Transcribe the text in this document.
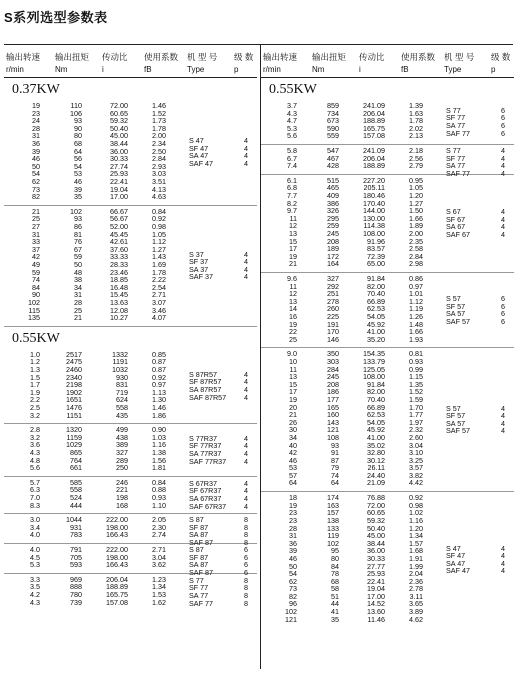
S系列选型参数表
输出转速 输出扭矩 传动比 使用系数 机 型 号 级 数
r/min	Nm	i	fB	Type	p
0.37KW
19	110	72.00	1.46
23	106	60.65	1.52
24	93	59.32	1.73
28	90	50.40	1.78
31	80	45.00	2.00
36	68	38.44	2.34
39	64	36.00	2.50
46	56	30.33	2.84
50	54	27.74	2.93
54	53	25.93	3.03
62	46	22.41	3.51
73	39	19.04	4.13
82	35	17.00	4.63
S 47	4
SF 47	4
SA 47	4
SAF 47	4
21	102	66.67	0.84
25	93	56.67	0.92
27	86	52.00	0.98
31	81	45.45	1.05
33	76	42.61	1.12
37	67	37.60	1.27
42	59	33.33	1.43
49	50	28.33	1.69
59	48	23.46	1.78
74	38	18.85	2.22
84	34	16.48	2.54
90	31	15.45	2.71
102	28	13.63	3.07
115	25	12.08	3.46
135	21	10.27	4.07
S 37	4
SF 37	4
SA 37	4
SAF 37	4
0.55KW
1.0	2517	1332	0.85
1.2	2475	1191	0.87
1.3	2460	1032	0.87
1.5	2340	930	0.92
1.7	2198	831	0.97
1.9	1902	719	1.13
2.2	1651	624	1.30
2.5	1476	558	1.46
3.2	1151	435	1.86
S 87R57	4
SF 87R57	4
SA 87R57	4
SAF 87R57 4
2.8	1320	499	0.90
3.2	1159	438	1.03
3.6	1029	389	1.16
4.3	865	327	1.38
4.8	764	289	1.56
5.6	661	250	1.81
S 77R37	4
SF 77R37	4
SA 77R37	4
SAF 77R37 4
5.7	585	246	0.84
6.3	558	221	0.88
7.0	524	198	0.93
8.3	444	168	1.10
S 67R37	4
SF 67R37	4
SA 67R37	4
SAF 67R37 4
3.0	1044	222.00	2.05
3.4	931	198.00	2.30
4.0	783	166.43	2.74
S 87	8
SF 87	8
SA 87	8
SAF 87	8
4.0	791	222.00	2.71
4.5	705	198.00	3.04
5.3	593	166.43	3.62
S 87	6
SF 87	6
SA 87	6
SAF 87	6
3.3	969	206.04	1.23
3.5	888	188.89	1.34
4.2	780	165.75	1.53
4.3	739	157.08	1.62
S 77	8
SF 77	8
SA 77	8
SAF 77	8
输出转速 输出扭矩 传动比 使用系数 机 型 号 级 数
r/min	Nm	i	fB	Type	p
0.55KW
3.7	859	241.09	1.39
4.3	734	206.04	1.63
4.7	673	188.89	1.78
5.3	590	165.75	2.02
5.6	559	157.08	2.13
S 77	6
SF 77	6
SA 77	6
SAF 77	6
5.8	547	241.09	2.18
6.7	467	206.04	2.56
7.4	428	188.89	2.79
S 77	4
SF 77	4
SA 77	4
SAF 77	4
6.1	515	227.20	0.95
6.8	465	205.11	1.05
7.7	409	180.46	1.20
8.2	386	170.40	1.27
9.7	326	144.00	1.50
11	295	130.00	1.66
12	259	114.38	1.89
13	245	108.00	2.00
15	208	91.96	2.35
17	189	83.57	2.58
19	172	72.39	2.84
21	164	65.00	2.98
S 67	4
SF 67	4
SA 67	4
SAF 67	4
9.6	327	91.84	0.86
11	292	82.00	0.97
12	251	70.40	1.01
13	278	66.89	1.12
14	260	62.53	1.19
16	225	54.05	1.26
19	191	45.92	1.48
22	170	41.00	1.66
25	146	35.20	1.93
S 57	6
SF 57	6
SA 57	6
SAF 57	6
9.0	350	154.35	0.81
10	303	133.79	0.93
11	284	125.05	0.99
13	245	108.00	1.15
15	208	91.84	1.35
17	186	82.00	1.52
19	177	70.40	1.59
20	165	66.89	1.70
21	160	62.53	1.77
26	143	54.05	1.97
30	121	45.92	2.32
34	108	41.00	2.60
40	93	35.02	3.04
42	91	32.80	3.10
46	87	30.12	3.25
53	79	26.11	3.57
57	74	24.40	3.82
64	64	21.09	4.42
S 57	4
SF 57	4
SA 57	4
SAF 57	4
18	174	76.88	0.92
19	163	72.00	0.98
23	157	60.65	1.02
23	138	59.32	1.16
28	133	50.40	1.20
31	119	45.00	1.34
36	102	38.44	1.57
39	95	36.00	1.68
46	80	30.33	1.91
50	84	27.77	1.99
54	78	25.93	2.04
62	68	22.41	2.36
73	58	19.04	2.78
82	51	17.00	3.11
96	44	14.52	3.65
102	41	13.60	3.89
121	35	11.46	4.62
S 47	4
SF 47	4
SA 47	4
SAF 47	4
